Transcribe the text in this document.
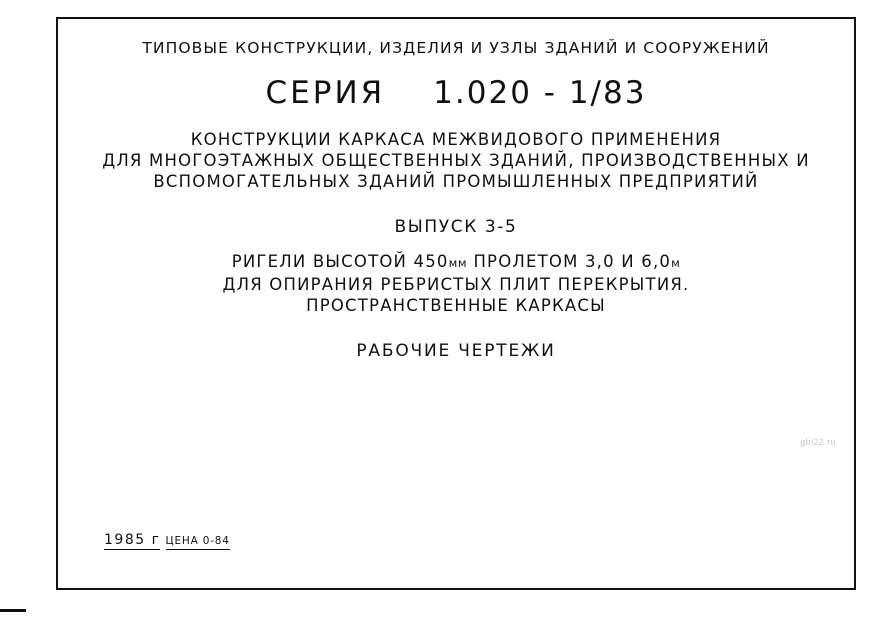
ТИПОВЫЕ КОНСТРУКЦИИ, ИЗДЕЛИЯ И УЗЛЫ ЗДАНИЙ И СООРУЖЕНИЙ
СЕРИЯ 1.020 - 1/83
КОНСТРУКЦИИ КАРКАСА МЕЖВИДОВОГО ПРИМЕНЕНИЯ
ДЛЯ МНОГОЭТАЖНЫХ ОБЩЕСТВЕННЫХ ЗДАНИЙ, ПРОИЗВОДСТВЕННЫХ И
ВСПОМОГАТЕЛЬНЫХ ЗДАНИЙ ПРОМЫШЛЕННЫХ ПРЕДПРИЯТИЙ
ВЫПУСК 3-5
РИГЕЛИ ВЫСОТОЙ 450мм ПРОЛЕТОМ 3,0 И 6,0м
ДЛЯ ОПИРАНИЯ РЕБРИСТЫХ ПЛИТ ПЕРЕКРЫТИЯ.
ПРОСТРАНСТВЕННЫЕ КАРКАСЫ
РАБОЧИЕ ЧЕРТЕЖИ
1985 г ЦЕНА 0-84
gbi22.ru
